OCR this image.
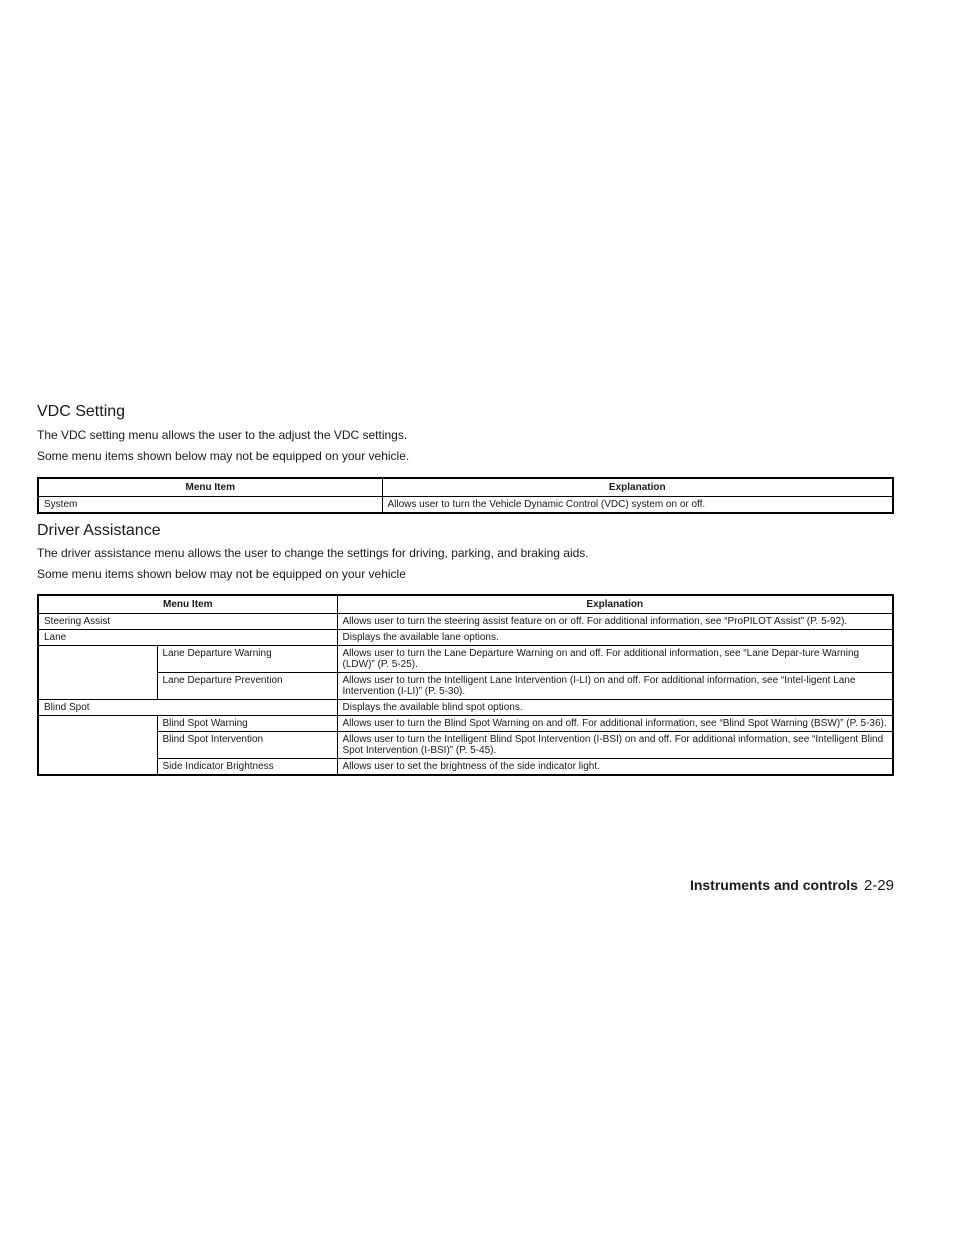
VDC Setting

The VDC setting menu allows the user to the adjust the VDC settings.

Some menu items shown below may not be equipped on your vehicle.

Menu Item	Explanation
System	Allows user to turn the Vehicle Dynamic Control (VDC) system on or off.
Driver Assistance

The driver assistance menu allows the user to change the settings for driving, parking, and braking aids.

Some menu items shown below may not be equipped on your vehicle

Menu Item		Explanation
Steering Assist		Allows user to turn the steering assist feature on or off. For additional information, see “ProPILOT Assist” (P. 5-92).
Lane		Displays the available lane options.
	Lane Departure Warning	Allows user to turn the Lane Departure Warning on and off. For additional information, see “Lane Depar-ture Warning (LDW)” (P. 5-25).
	Lane Departure Prevention	Allows user to turn the Intelligent Lane Intervention (I-LI) on and off. For additional information, see “Intel-ligent Lane Intervention (I-LI)” (P. 5-30).
Blind Spot		Displays the available blind spot options.
	Blind Spot Warning	Allows user to turn the Blind Spot Warning on and off. For additional information, see “Blind Spot Warning (BSW)” (P. 5-36).
	Blind Spot Intervention	Allows user to turn the Intelligent Blind Spot Intervention (I-BSI) on and off. For additional information, see “Intelligent Blind Spot Intervention (I-BSI)” (P. 5-45).
	Side Indicator Brightness	Allows user to set the brightness of the side indicator light.
Instruments and controls 2-29
